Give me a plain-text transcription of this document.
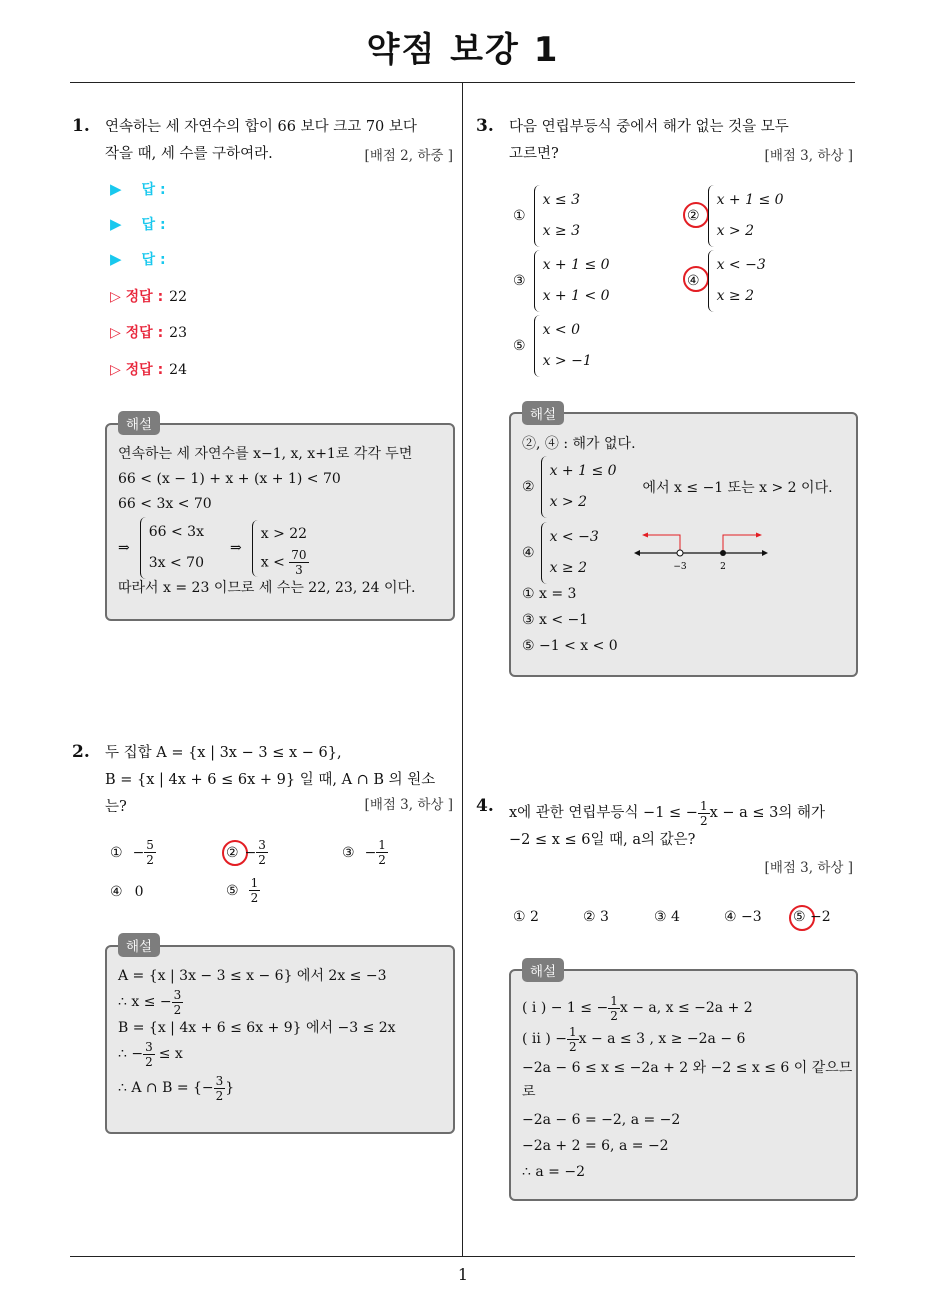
약점 보강 1
1
1. 연속하는 세 자연수의 합이 66 보다 크고 70 보다
작을 때, 세 수를 구하여라.	[배점 2, 하중 ]
▶ 답 :
▶ 답 :
▶ 답 :
▷ 정답 : 22
▷ 정답 : 23
▷ 정답 : 24
해설
연속하는 세 자연수를 x−1, x, x+1로 각각 두면
66 < (x − 1) + x + (x + 1) < 70
66 < 3x < 70
⇒
66 < 3x
3x < 70
⇒
x > 22
$x < \frac{70}{3}$
따라서 x = 23 이므로 세 수는 22, 23, 24 이다.
2. 두 집합 A = {x | 3x − 3 ≤ x − 6},
B = {x | 4x + 6 ≤ 6x + 9} 일 때, A ∩ B 의 원소는?	[배점 3, 하상 ]
① − $\frac{5}{2}$	② − $\frac{3}{2}$	③ − $\frac{1}{2}$
④ 0	⑤ $\frac{1}{2}$
해설
A = {x | 3x − 3 ≤ x − 6} 에서 2x ≤ −3
∴ x ≤ − $\frac{3}{2}$
B = {x | 4x + 6 ≤ 6x + 9} 에서 −3 ≤ 2x
∴ − $\frac{3}{2} \le x$
∴ A ∩ B = {− $\frac{3}{2}$ }
3. 다음 연립부등식 중에서 해가 없는 것을 모두
고르면?	[배점 3, 하상 ]
①
x ≤ 3
x ≥ 3
②
x + 1 ≤ 0
x > 2
③
x + 1 ≤ 0
x + 1 < 0
④
x < −3
x ≥ 2
⑤
x < 0
x > −1
해설
②, ④ : 해가 없다.
②
x + 1 ≤ 0
x > 2
에서 x ≤ −1 또는 x > 2 이다.
④
x < −3
x ≥ 2	−3	2
① x = 3
③ x < −1
⑤ −1 < x < 0
4. x에 관한 연립부등식 −1 ≤ − $\frac{1}{2}$ x − a ≤ 3의 해가
−2 ≤ x ≤ 6일 때, a의 값은?
[배점 3, 하상 ]
① 2	② 3	③ 4	④ −3 ⑤ −2
해설
( i ) − 1 ≤ − $\frac{1}{2}$ x − a, x ≤ −2a + 2
( ii ) − $\frac{1}{2}$ x − a ≤ 3 , x ≥ −2a − 6
−2a − 6 ≤ x ≤ −2a + 2 와 −2 ≤ x ≤ 6 이 같으므
로
−2a − 6 = −2, a = −2
−2a + 2 = 6, a = −2
∴ a = −2
